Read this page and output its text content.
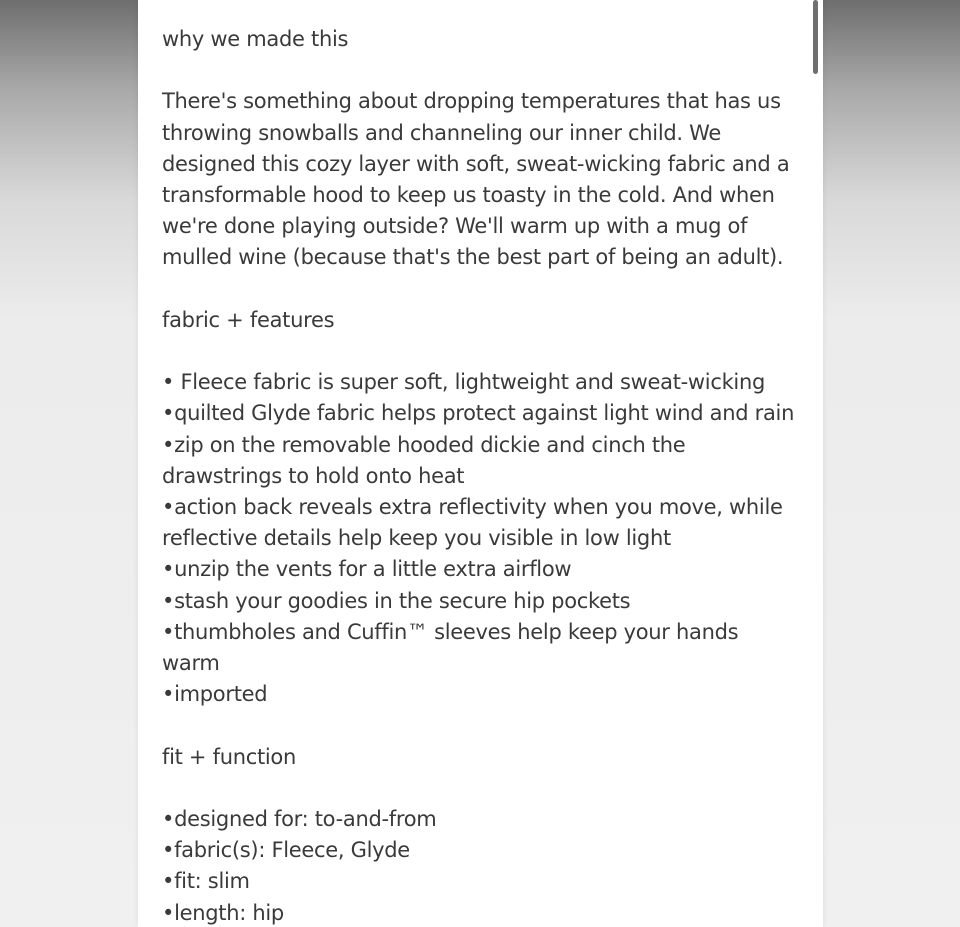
why we made this

There's something about dropping temperatures that has us throwing snowballs and channeling our inner child. We designed this cozy layer with soft, sweat-wicking fabric and a transformable hood to keep us toasty in the cold. And when we're done playing outside? We'll warm up with a mug of mulled wine (because that's the best part of being an adult).

fabric + features

• Fleece fabric is super soft, lightweight and sweat-wicking

•quilted Glyde fabric helps protect against light wind and rain

•zip on the removable hooded dickie and cinch the drawstrings to hold onto heat

•action back reveals extra reflectivity when you move, while reflective details help keep you visible in low light

•unzip the vents for a little extra airflow

•stash your goodies in the secure hip pockets

•thumbholes and Cuffin™ sleeves help keep your hands warm

•imported

fit + function

•designed for: to-and-from

•fabric(s): Fleece, Glyde

•fit: slim

•length: hip
